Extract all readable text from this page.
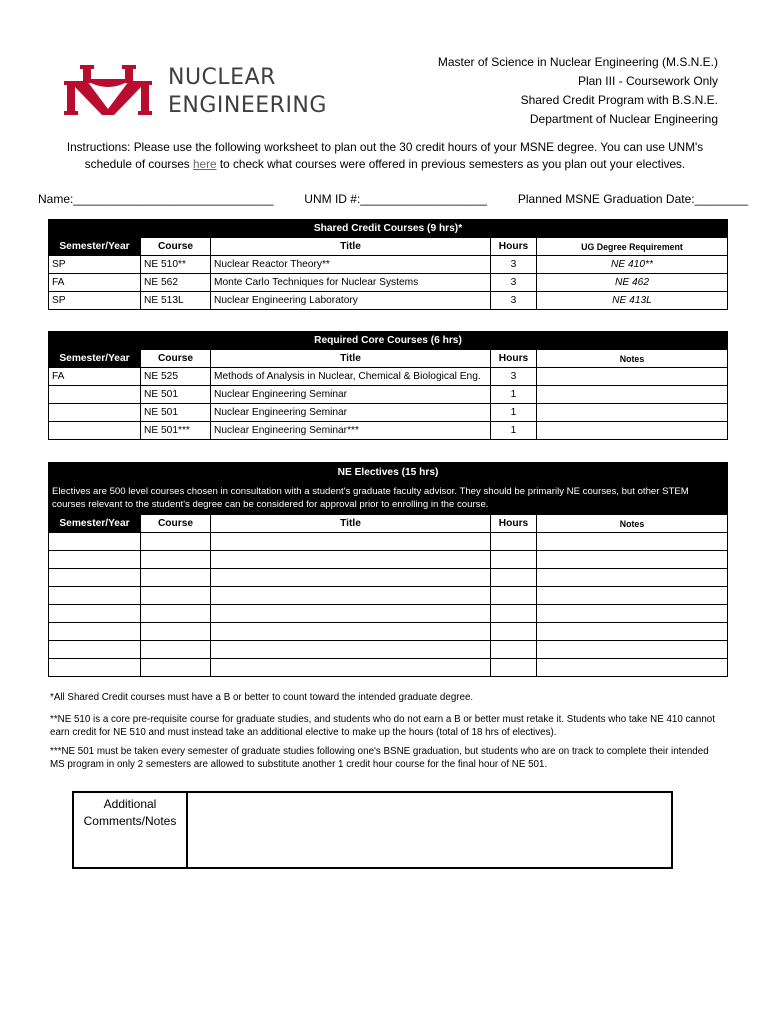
NUCLEAR
ENGINEERING
Master of Science in Nuclear Engineering (M.S.N.E.)
Plan III - Coursework Only
Shared Credit Program with B.S.N.E.
Department of Nuclear Engineering
Instructions: Please use the following worksheet to plan out the 30 credit hours of your MSNE degree. You can use UNM's schedule of courses here to check what courses were offered in previous semesters as you plan out your electives.
Name:______________________________	UNM ID #:___________________	Planned MSNE Graduation Date:________
Shared Credit Courses (9 hrs)*				
Semester/Year	Course	Title	Hours	UG Degree Requirement
SP	NE 510**	Nuclear Reactor Theory**	3	NE 410**
FA	NE 562	Monte Carlo Techniques for Nuclear Systems	3	NE 462
SP	NE 513L	Nuclear Engineering Laboratory	3	NE 413L
Required Core Courses (6 hrs)				
Semester/Year	Course	Title	Hours	Notes
FA	NE 525	Methods of Analysis in Nuclear, Chemical & Biological Eng.	3	
	NE 501	Nuclear Engineering Seminar	1	
	NE 501	Nuclear Engineering Seminar	1	
	NE 501***	Nuclear Engineering Seminar***	1	
NE Electives (15 hrs)				
Electives are 500 level courses chosen in consultation with a student's graduate faculty advisor. They should be primarily NE courses, but other STEM courses relevant to the student's degree can be considered for approval prior to enrolling in the course.				
Semester/Year	Course	Title	Hours	Notes

*All Shared Credit courses must have a B or better to count toward the intended graduate degree.
**NE 510 is a core pre-requisite course for graduate studies, and students who do not earn a B or better must retake it. Students who take NE 410 cannot earn credit for NE 510 and must instead take an additional elective to make up the hours (total of 18 hrs of electives).
***NE 501 must be taken every semester of graduate studies following one's BSNE graduation, but students who are on track to complete their intended MS program in only 2 semesters are allowed to substitute another 1 credit hour course for the final hour of NE 501.
Additional Comments/Notes
